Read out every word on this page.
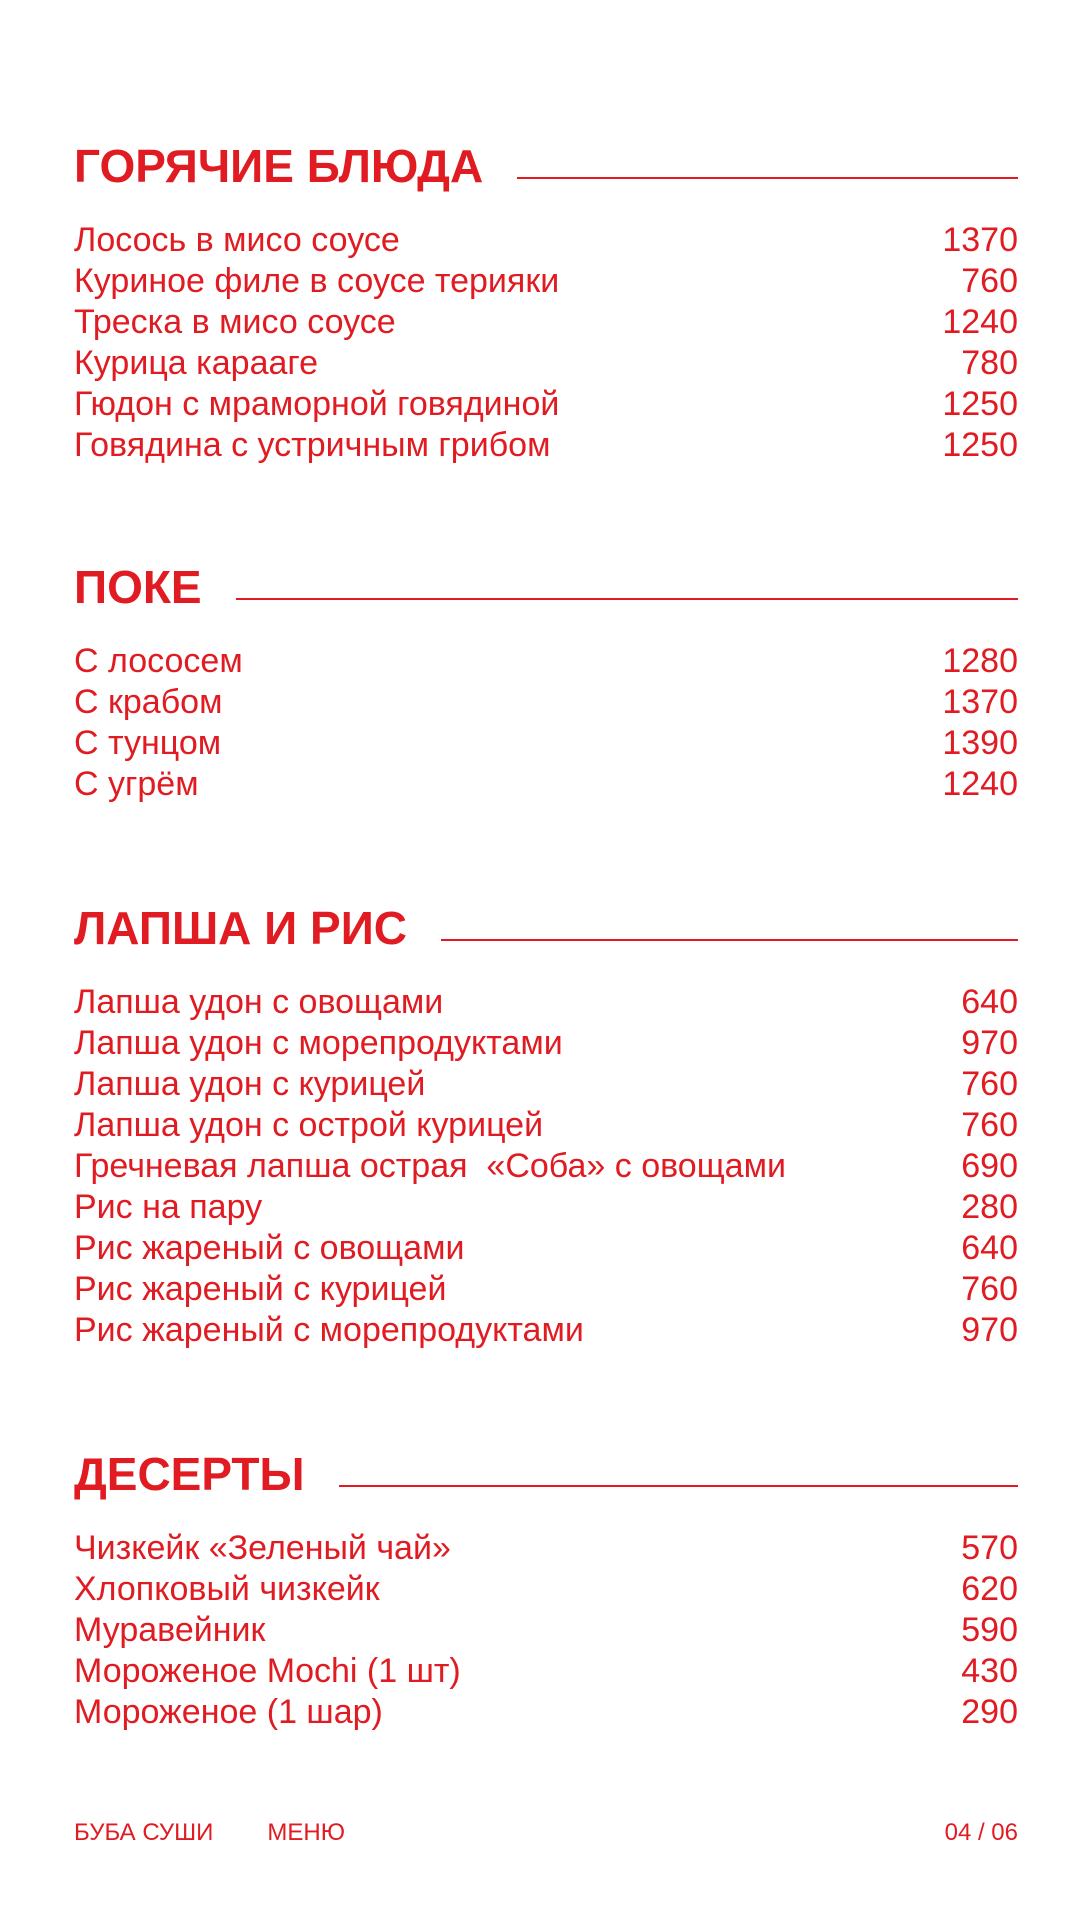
ГОРЯЧИЕ БЛЮДА
Лосось в мисо соусе	1370
Куриное филе в соусе терияки	760
Треска в мисо соусе	1240
Курица карааге	780
Гюдон с мраморной говядиной	1250
Говядина с устричным грибом	1250
ПОКЕ
С лососем	1280
С крабом	1370
С тунцом	1390
С угрём	1240
ЛАПША И РИС
Лапша удон с овощами	640
Лапша удон с морепродуктами	970
Лапша удон с курицей	760
Лапша удон с острой курицей	760
Гречневая лапша острая  «Соба» с овощами	690
Рис на пару	280
Рис жареный с овощами	640
Рис жареный с курицей	760
Рис жареный с морепродуктами	970
ДЕСЕРТЫ
Чизкейк «Зеленый чай»	570
Хлопковый чизкейк	620
Муравейник	590
Мороженое Mochi (1 шт)	430
Мороженое (1 шар)	290
БУБА СУШИ МЕНЮ	04 / 06
